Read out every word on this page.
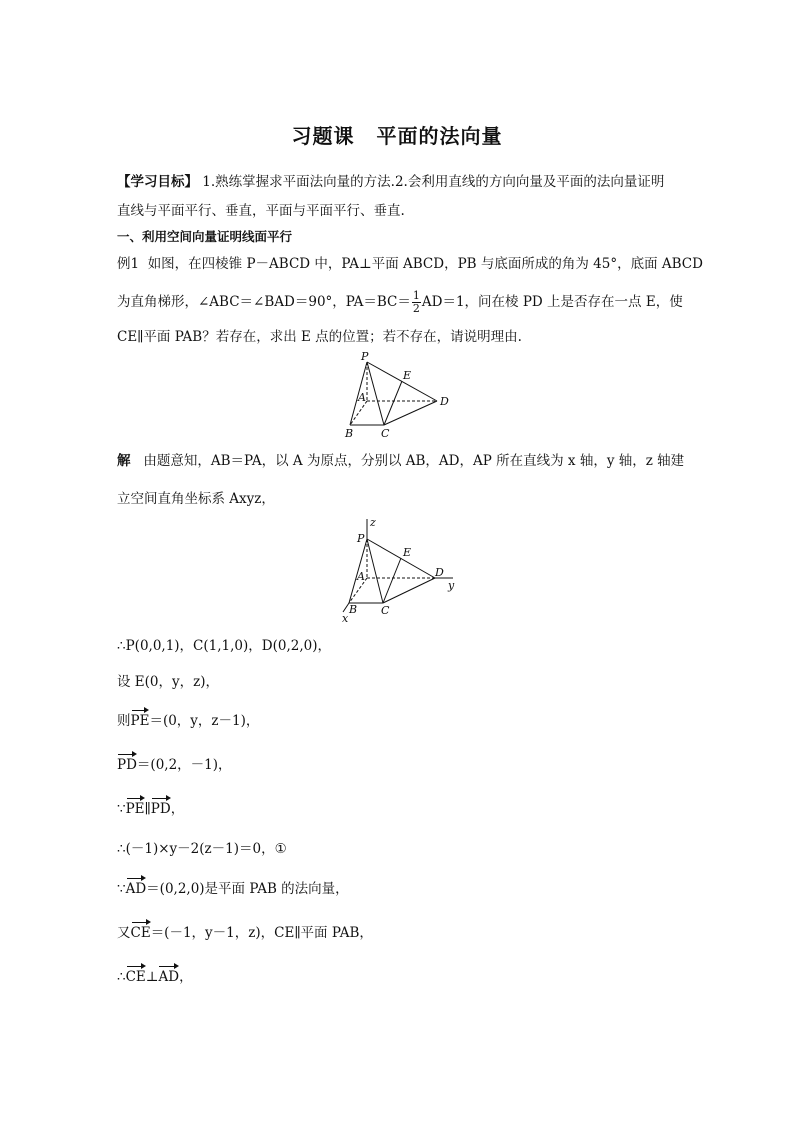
习题课 平面的法向量
【学习目标】 1.熟练掌握求平面法向量的方法.2.会利用直线的方向向量及平面的法向量证明
直线与平面平行、垂直，平面与平面平行、垂直.
一、利用空间向量证明线面平行
例1 如图，在四棱锥 P－ABCD 中，PA⊥平面 ABCD，PB 与底面所成的角为 45°，底面 ABCD
为直角梯形，∠ABC＝∠BAD＝90°，$PA=BC= \frac{1}{2} AD=1$，问在棱 PD 上是否存在一点 E，使
CE∥平面 PAB？若存在，求出 E 点的位置；若不存在，请说明理由.
P
E
A	D
B	C
解 由题意知，AB＝PA，以 A 为原点，分别以 AB，AD，AP 所在直线为 x 轴，y 轴，z 轴建
立空间直角坐标系 Axyz，
z
P
E
A	D
y
B C
x
∴P(0,0,1)，C(1,1,0)，D(0,2,0)，
设 E(0，y，z)，
则PE＝(0，y，z－1)，
PD＝(0,2，－1)，
∵PE∥PD，
∴(－1)×y－2(z－1)＝0，①
∵AD＝(0,2,0)是平面 PAB 的法向量，
又CE＝(－1，y－1，z)，CE∥平面 PAB，
∴CE⊥AD，
